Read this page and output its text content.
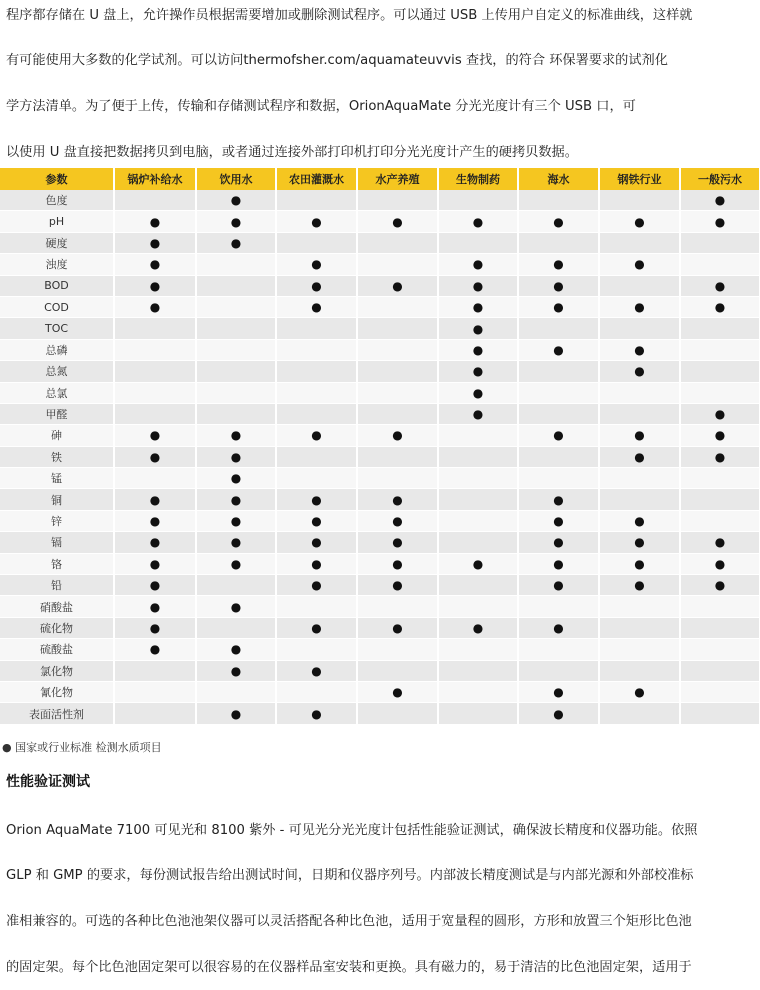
程序都存储在 U 盘上，允许操作员根据需要增加或删除测试程序。可以通过 USB 上传用户自定义的标准曲线，这样就
有可能使用大多数的化学试剂。可以访问thermofsher.com/aquamateuvvis 查找，的符合 环保署要求的试剂化
学方法清单。为了便于上传，传输和存储测试程序和数据，OrionAquaMate 分光光度计有三个 USB 口，可
以使用 U 盘直接把数据拷贝到电脑，或者通过连接外部打印机打印分光光度计产生的硬拷贝数据。
参数	锅炉补给水	饮用水	农田灌溉水	水产养殖	生物制药	海水	钢铁行业	一般污水
色度		●						●
pH	●	●	●	●	●	●	●	●
硬度	●	●						
浊度	●		●		●	●	●	
BOD	●		●	●	●	●		●
COD	●		●		●	●	●	●
TOC					●			
总磷					●	●	●	
总氮					●		●	
总氯					●			
甲醛					●			●
砷	●	●	●	●		●	●	●
铁	●	●					●	●
锰		●						
铜	●	●	●	●		●		
锌	●	●	●	●		●	●	
镉	●	●	●	●		●	●	●
铬	●	●	●	●	●	●	●	●
铅	●		●	●		●	●	●
硝酸盐	●	●						
硫化物	●		●	●	●	●		
硫酸盐	●	●						
氯化物		●	●					
氰化物				●		●	●	
表面活性剂		●	●			●		
● 国家或行业标准 检测水质项目
性能验证测试
Orion AquaMate 7100 可见光和 8100 紫外 - 可见光分光光度计包括性能验证测试，确保波长精度和仪器功能。依照
GLP 和 GMP 的要求，每份测试报告给出测试时间，日期和仪器序列号。内部波长精度测试是与内部光源和外部校准标
准相兼容的。可选的各种比色池池架仪器可以灵活搭配各种比色池，适用于宽量程的圆形，方形和放置三个矩形比色池
的固定架。每个比色池固定架可以很容易的在仪器样品室安装和更换。具有磁力的，易于清洁的比色池固定架，适用于
